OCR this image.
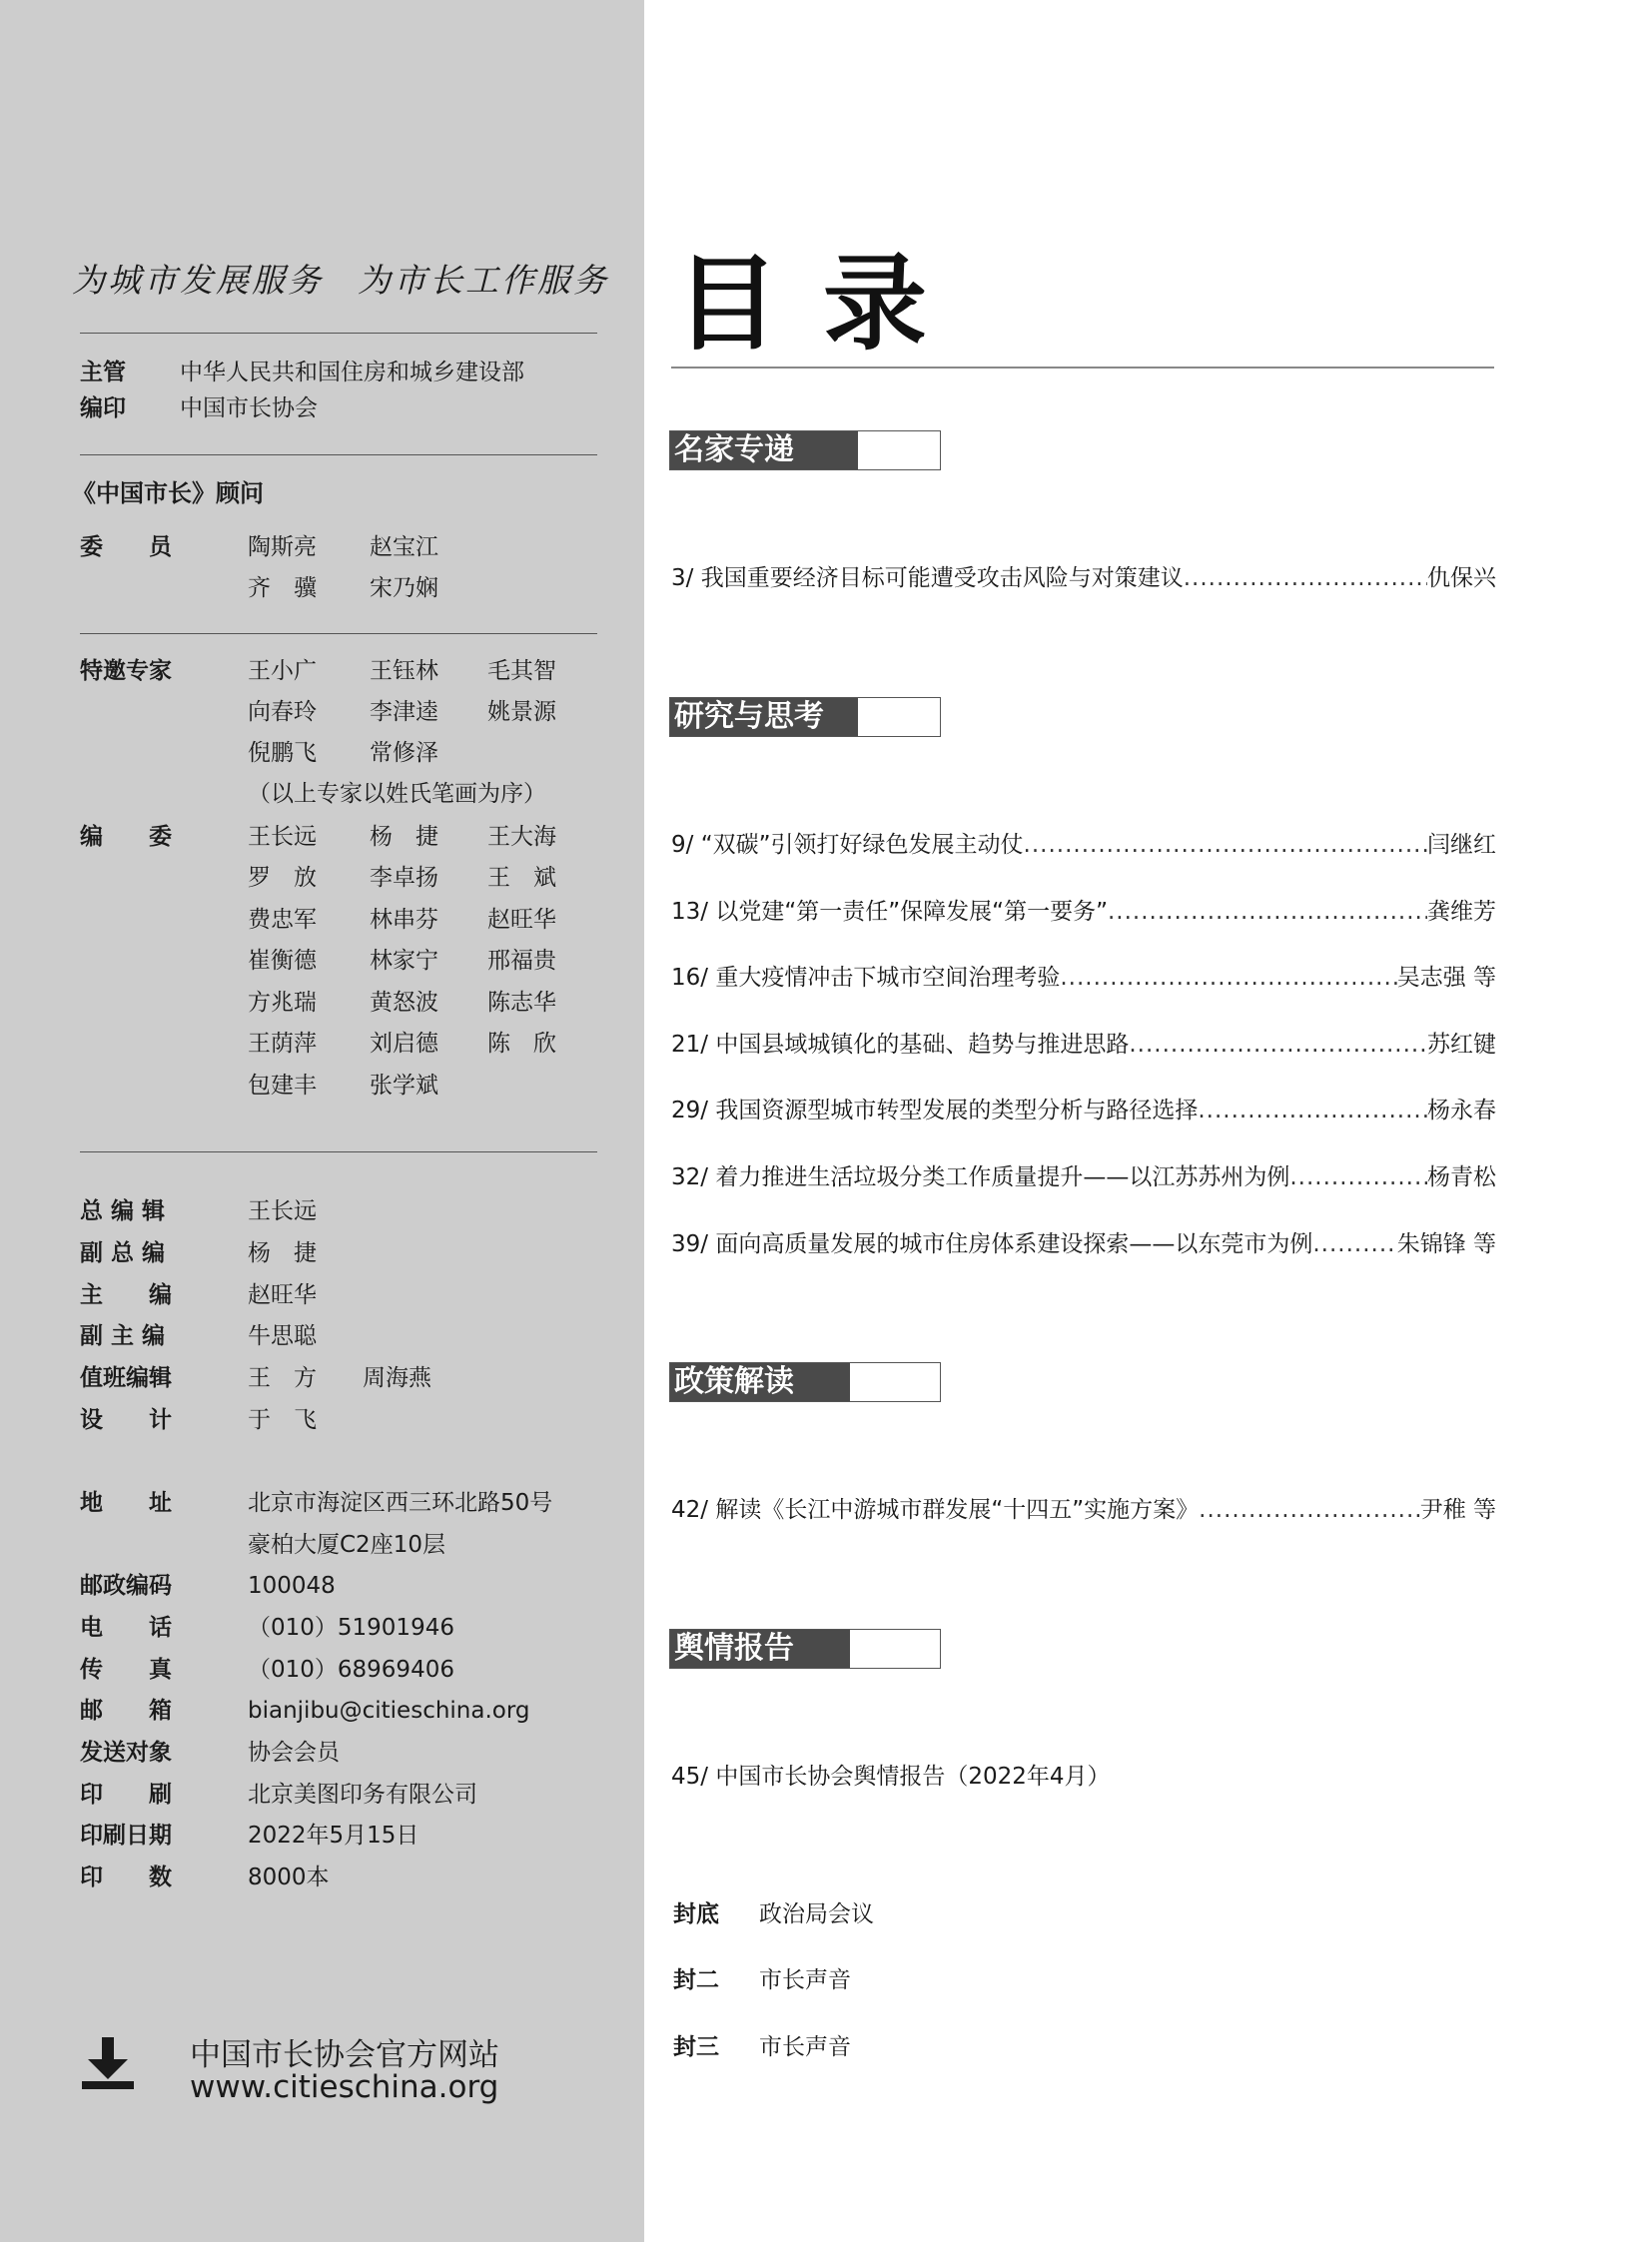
为城市发展服务 为市长工作服务
主管 中华人民共和国住房和城乡建设部
编印 中国市长协会
《中国市长》顾问
委　　员	陶斯亮 赵宝江
齐　骥 宋乃娴
特邀专家	王小广 王钰林 毛其智
向春玲 李津逵 姚景源
倪鹏飞 常修泽
（以上专家以姓氏笔画为序）
编　　委	王长远 杨　捷 王大海
罗　放 李卓扬 王　斌
费忠军 林串芬 赵旺华
崔衡德 林家宁 邢福贵
方兆瑞 黄怒波 陈志华
王荫萍 刘启德 陈　欣
包建丰 张学斌
总 编 辑	王长远
副 总 编	杨　捷
主　　编	赵旺华
副 主 编	牛思聪
值班编辑	王　方　　周海燕
设　　计	于　飞
地　　址	北京市海淀区西三环北路50号
豪柏大厦C2座10层
邮政编码	100048
电　　话	（010）51901946
传　　真	（010）68969406
邮　　箱	bianjibu@citieschina.org
发送对象	协会会员
印　　刷	北京美图印务有限公司
印刷日期	2022年5月15日
印　　数	8000本
中国市长协会官方网站
www.citieschina.org
目录
名家专递
3/ 我国重要经济目标可能遭受攻击风险与对策建议 .....	仇保兴
研究与思考
9/ “双碳”引领打好绿色发展主动仗 .....	闫继红
13/ 以党建“第一责任”保障发展“第一要务” .....	龚维芳
16/ 重大疫情冲击下城市空间治理考验 .....	吴志强 等
21/ 中国县域城镇化的基础、趋势与推进思路 .....	苏红键
29/ 我国资源型城市转型发展的类型分析与路径选择 .....	杨永春
32/ 着力推进生活垃圾分类工作质量提升——以江苏苏州为例 .....	杨青松
39/ 面向高质量发展的城市住房体系建设探索——以东莞市为例 .....	朱锦锋 等
政策解读
42/ 解读《长江中游城市群发展“十四五”实施方案》 .....	尹稚 等
舆情报告
45/ 中国市长协会舆情报告（2022年4月）
封底 政治局会议
封二 市长声音
封三 市长声音
